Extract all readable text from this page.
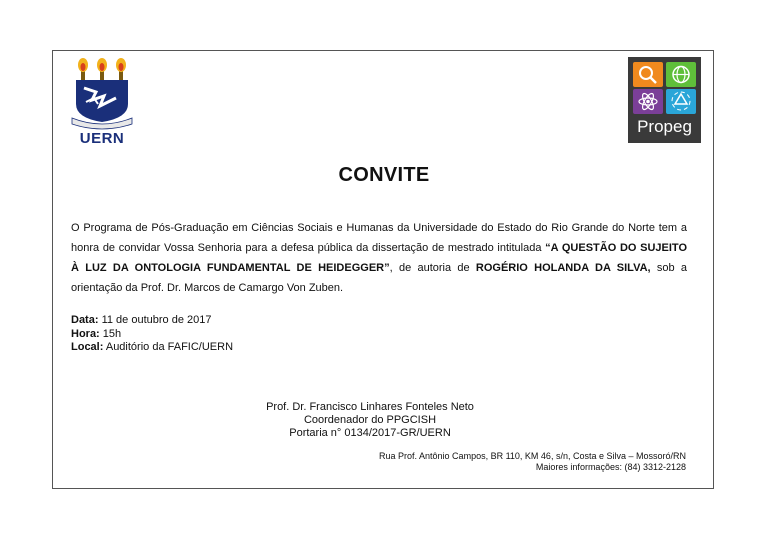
UERN
Propeg
CONVITE
O Programa de Pós-Graduação em Ciências Sociais e Humanas da Universidade do Estado do Rio Grande do Norte tem a honra de convidar Vossa Senhoria para a defesa pública da dissertação de mestrado intitulada “A QUESTÃO DO SUJEITO À LUZ DA ONTOLOGIA FUNDAMENTAL DE HEIDEGGER”, de autoria de ROGÉRIO HOLANDA DA SILVA, sob a orientação da Prof. Dr. Marcos de Camargo Von Zuben.
Data: 11 de outubro de 2017
Hora: 15h
Local: Auditório da FAFIC/UERN
Prof. Dr. Francisco Linhares Fonteles Neto
Coordenador do PPGCISH
Portaria n° 0134/2017-GR/UERN
Rua Prof. Antônio Campos, BR 110, KM 46, s/n, Costa e Silva – Mossoró/RN
Maiores informações: (84) 3312-2128
